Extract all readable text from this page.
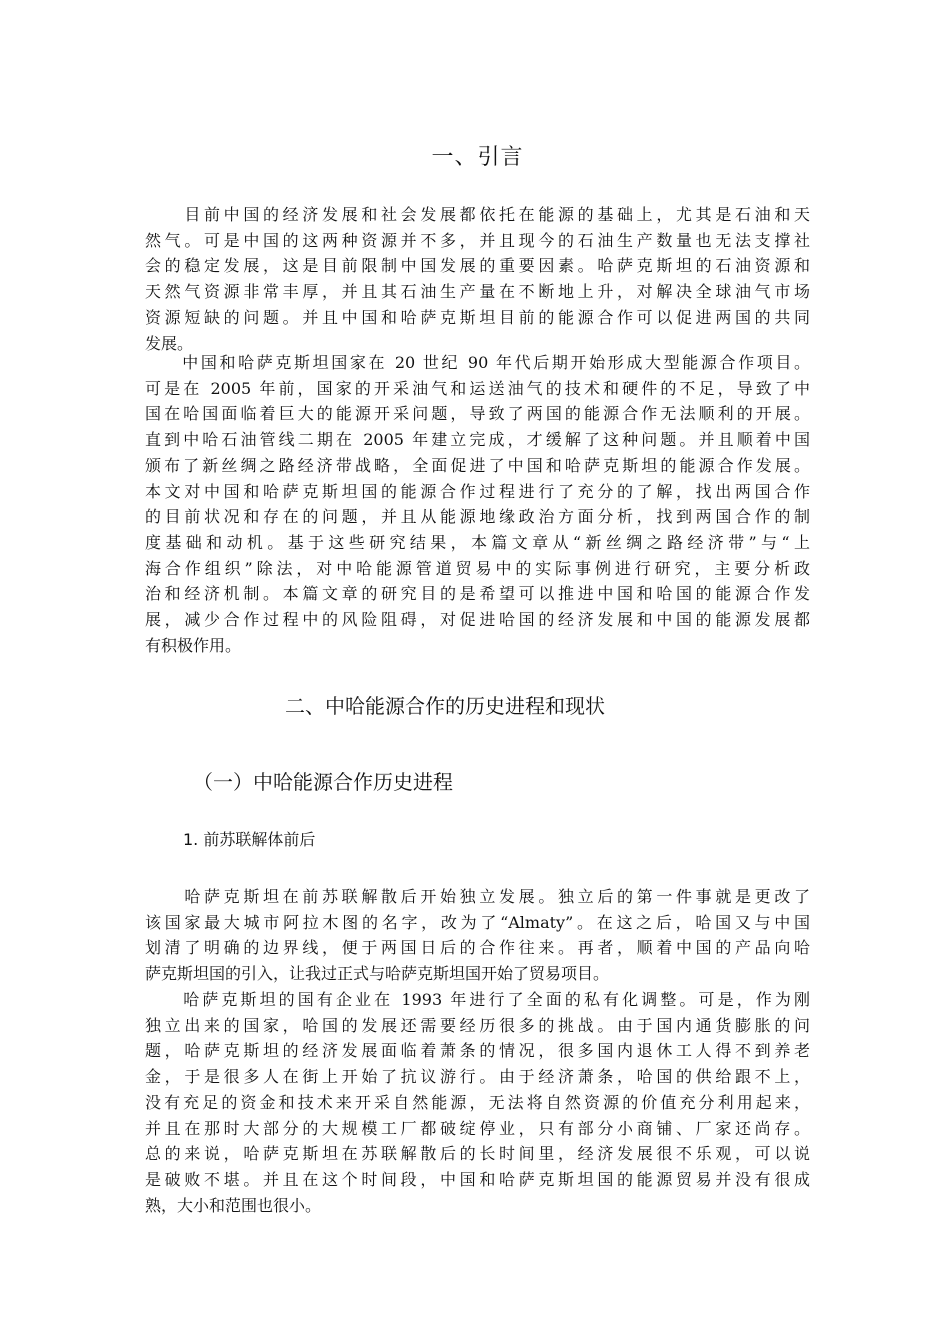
一、引言
　　目前中国的经济发展和社会发展都依托在能源的基础上，尤其是石油和天
然气。可是中国的这两种资源并不多，并且现今的石油生产数量也无法支撑社
会的稳定发展，这是目前限制中国发展的重要因素。哈萨克斯坦的石油资源和
天然气资源非常丰厚，并且其石油生产量在不断地上升，对解决全球油气市场
资源短缺的问题。并且中国和哈萨克斯坦目前的能源合作可以促进两国的共同
发展。
　　中国和哈萨克斯坦国家在 20 世纪 90 年代后期开始形成大型能源合作项目。
可是在 2005 年前，国家的开采油气和运送油气的技术和硬件的不足，导致了中
国在哈国面临着巨大的能源开采问题，导致了两国的能源合作无法顺利的开展。
直到中哈石油管线二期在 2005 年建立完成，才缓解了这种问题。并且顺着中国
颁布了新丝绸之路经济带战略，全面促进了中国和哈萨克斯坦的能源合作发展。
本文对中国和哈萨克斯坦国的能源合作过程进行了充分的了解，找出两国合作
的目前状况和存在的问题，并且从能源地缘政治方面分析，找到两国合作的制
度基础和动机。基于这些研究结果，本篇文章从“新丝绸之路经济带”与“上
海合作组织”除法，对中哈能源管道贸易中的实际事例进行研究，主要分析政
治和经济机制。本篇文章的研究目的是希望可以推进中国和哈国的能源合作发
展，减少合作过程中的风险阻碍，对促进哈国的经济发展和中国的能源发展都
有积极作用。
二、中哈能源合作的历史进程和现状
（一）中哈能源合作历史进程
1. 前苏联解体前后
　　哈萨克斯坦在前苏联解散后开始独立发展。独立后的第一件事就是更改了
该国家最大城市阿拉木图的名字，改为了“Almaty”。在这之后，哈国又与中国
划清了明确的边界线，便于两国日后的合作往来。再者，顺着中国的产品向哈
萨克斯坦国的引入，让我过正式与哈萨克斯坦国开始了贸易项目。
　　哈萨克斯坦的国有企业在 1993 年进行了全面的私有化调整。可是，作为刚
独立出来的国家，哈国的发展还需要经历很多的挑战。由于国内通货膨胀的问
题，哈萨克斯坦的经济发展面临着萧条的情况，很多国内退休工人得不到养老
金，于是很多人在街上开始了抗议游行。由于经济萧条，哈国的供给跟不上，
没有充足的资金和技术来开采自然能源，无法将自然资源的价值充分利用起来，
并且在那时大部分的大规模工厂都破绽停业，只有部分小商铺、厂家还尚存。
总的来说，哈萨克斯坦在苏联解散后的长时间里，经济发展很不乐观，可以说
是破败不堪。并且在这个时间段，中国和哈萨克斯坦国的能源贸易并没有很成
熟，大小和范围也很小。
